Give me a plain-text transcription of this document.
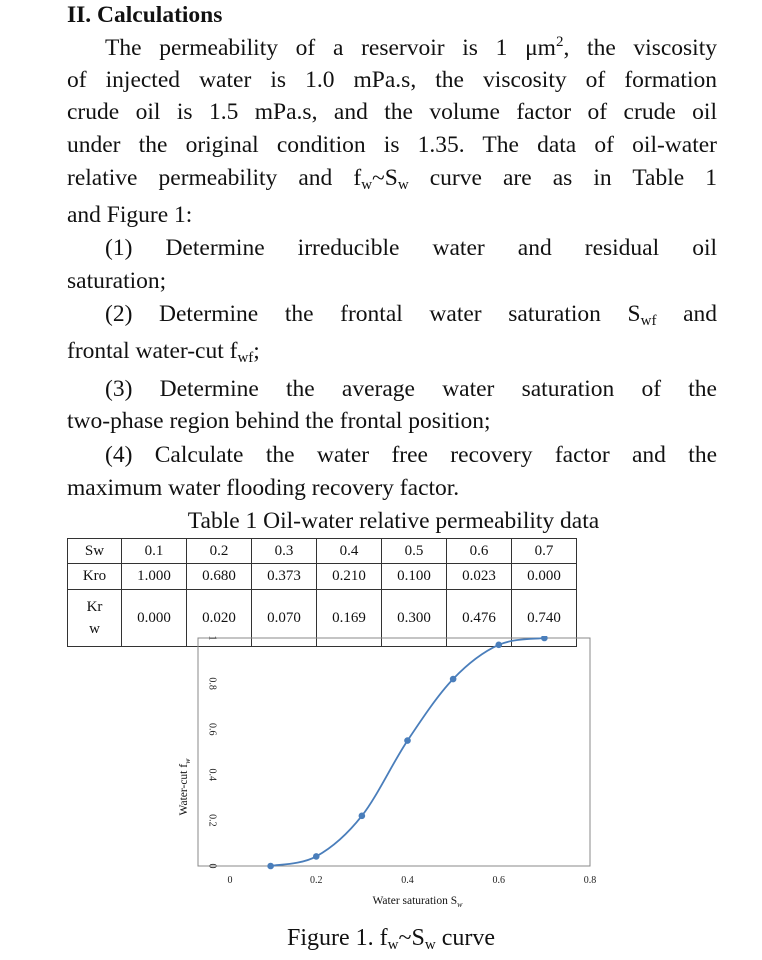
II. Calculations
The permeability of a reservoir is 1 $\mu m^2$, the viscosity
of injected water is 1.0 mPa.s, the viscosity of formation
crude oil is 1.5 mPa.s, and the volume factor of crude oil
under the original condition is 1.35. The data of oil-water
relative permeability and $f_w\sim S_w$ curve are as in Table 1
and Figure 1:
(1) Determine irreducible water and residual oil
saturation;
(2) Determine the frontal water saturation $S_{wf}$ and
frontal water-cut $f_{wf}$;
(3) Determine the average water saturation of the
two-phase region behind the frontal position;
(4) Calculate the water free recovery factor and the
maximum water flooding recovery factor.
Table 1 Oil-water relative permeability data
Sw	0.1	0.2	0.3	0.4	0.5	0.6	0.7
Kro	1.000	0.680	0.373	0.210	0.100	0.023	0.000
Kr
w	0.000	0.020	0.070	0.169	0.300	0.476	0.740
0
0.2
0.4
0.6
0.8
1
0	0.2	0.4	0.6	0.8
Water saturation $S_w$
Water-cut $f_w$
Figure 1. $f_w\sim S_w$ curve
